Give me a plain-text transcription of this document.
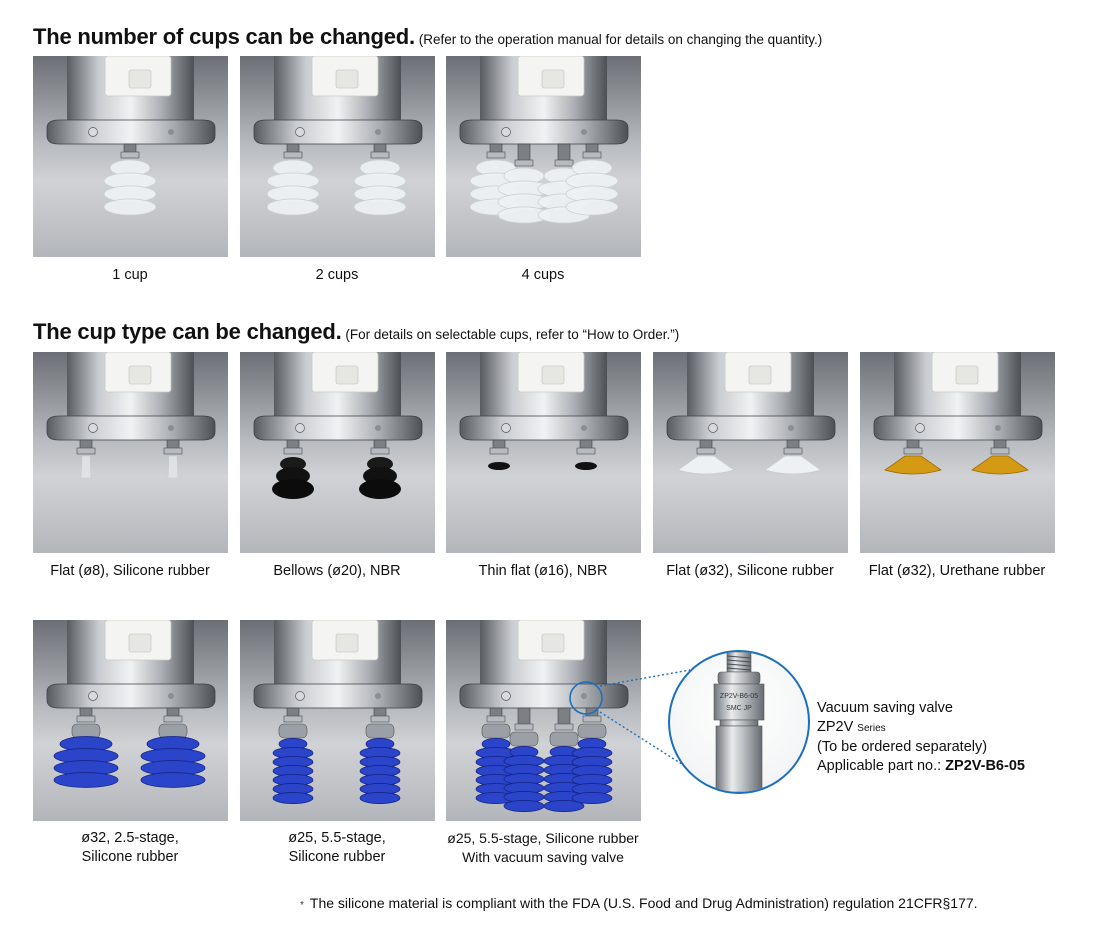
The number of cups can be changed. (Refer to the operation manual for details on changing the quantity.)
1 cup	2 cups	4 cups
The cup type can be changed. (For details on selectable cups, refer to “How to Order.”)
Flat (ø8), Silicone rubber	Bellows (ø20), NBR	Thin flat (ø16), NBR	Flat (ø32), Silicone rubber	Flat (ø32), Urethane rubber
ø32, 2.5-stage,
Silicone rubber
ø25, 5.5-stage,
Silicone rubber
ø25, 5.5-stage, Silicone rubber
With vacuum saving valve
ZP2V-B6-05
SMC JP	Vacuum saving valve
ZP2V Series
(To be ordered separately)
Applicable part no.: ZP2V-B6-05
* The silicone material is compliant with the FDA (U.S. Food and Drug Administration) regulation 21CFR§177.
